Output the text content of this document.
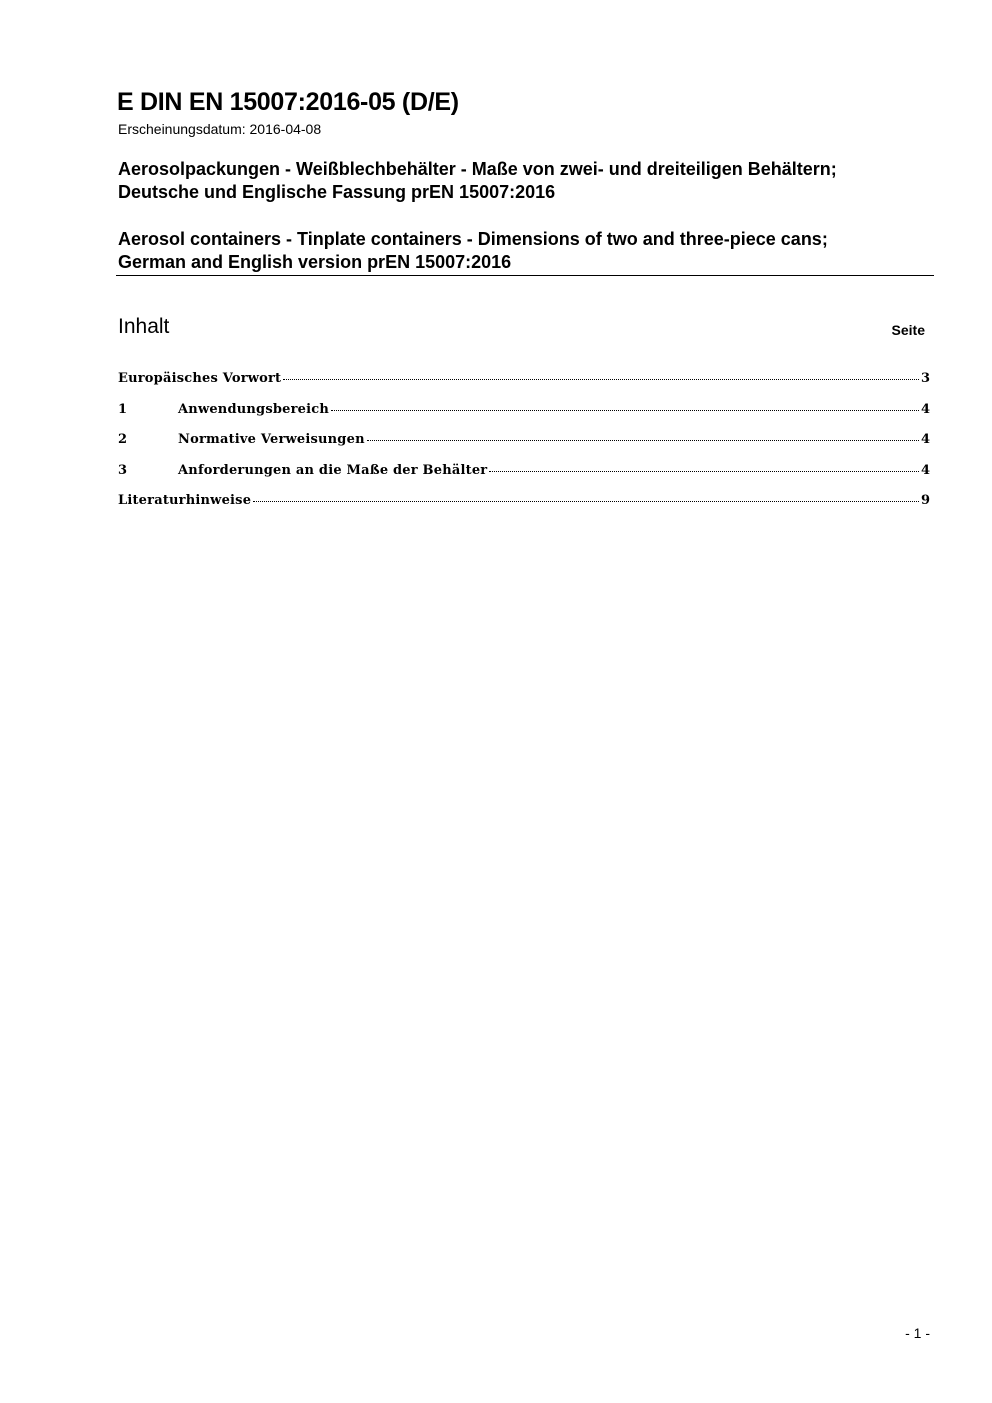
E DIN EN 15007:2016-05 (D/E)
Erscheinungsdatum: 2016-04-08
Aerosolpackungen - Weißblechbehälter - Maße von zwei- und dreiteiligen Behältern;
Deutsche und Englische Fassung prEN 15007:2016
Aerosol containers - Tinplate containers - Dimensions of two and three-piece cans;
German and English version prEN 15007:2016
Inhalt	Seite
Europäisches Vorwort	3
1	Anwendungsbereich	4
2	Normative Verweisungen	4
3	Anforderungen an die Maße der Behälter	4
Literaturhinweise	9
- 1 -
